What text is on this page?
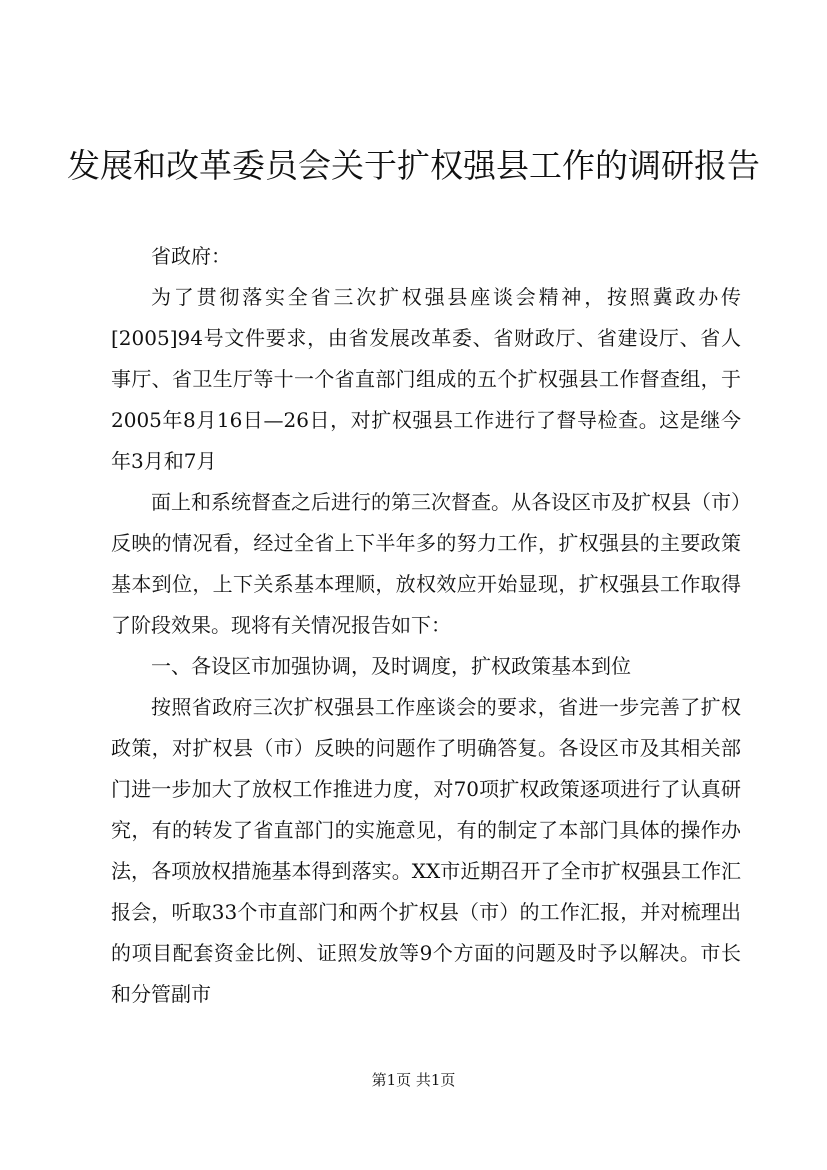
发展和改革委员会关于扩权强县工作的调研报告

省政府：

为了贯彻落实全省三次扩权强县座谈会精神，按照冀政办传[2005]94号文件要求，由省发展改革委、省财政厅、省建设厅、省人事厅、省卫生厅等十一个省直部门组成的五个扩权强县工作督查组，于2005年8月16日—26日，对扩权强县工作进行了督导检查。这是继今年3月和7月

面上和系统督查之后进行的第三次督查。从各设区市及扩权县（市）反映的情况看，经过全省上下半年多的努力工作，扩权强县的主要政策基本到位，上下关系基本理顺，放权效应开始显现，扩权强县工作取得了阶段效果。现将有关情况报告如下：

一、各设区市加强协调，及时调度，扩权政策基本到位

按照省政府三次扩权强县工作座谈会的要求，省进一步完善了扩权政策，对扩权县（市）反映的问题作了明确答复。各设区市及其相关部门进一步加大了放权工作推进力度，对70项扩权政策逐项进行了认真研究，有的转发了省直部门的实施意见，有的制定了本部门具体的操作办法，各项放权措施基本得到落实。XX市近期召开了全市扩权强县工作汇报会，听取33个市直部门和两个扩权县（市）的工作汇报，并对梳理出的项目配套资金比例、证照发放等9个方面的问题及时予以解决。市长和分管副市

第1页 共1页
